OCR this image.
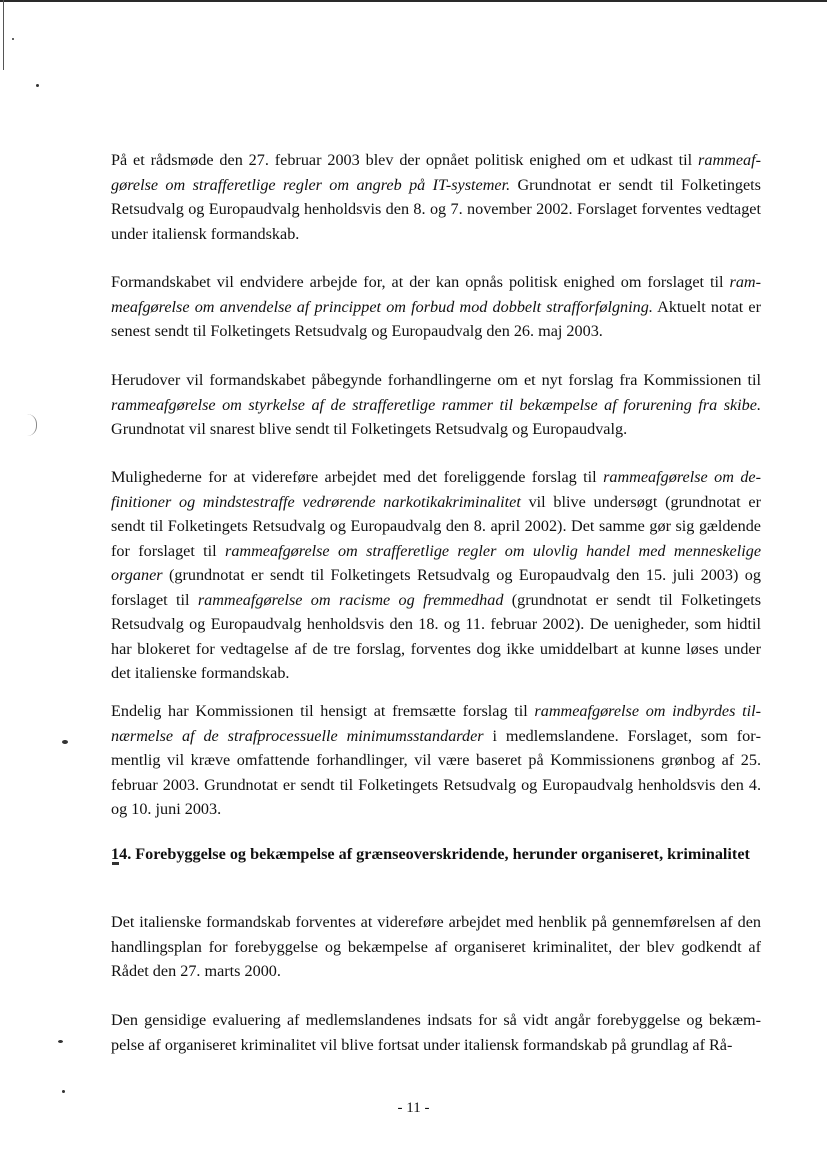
På et rådsmøde den 27. februar 2003 blev der opnået politisk enighed om et udkast til rammeafgørelse om strafferetlige regler om angreb på IT-systemer. Grundnotat er sendt til Folketingets Retsudvalg og Europaudvalg henholdsvis den 8. og 7. november 2002. Forslaget forventes vedtaget under italiensk formandskab.

Formandskabet vil endvidere arbejde for, at der kan opnås politisk enighed om forslaget til rammeafgørelse om anvendelse af princippet om forbud mod dobbelt strafforfølgning. Aktuelt notat er senest sendt til Folketingets Retsudvalg og Europaudvalg den 26. maj 2003.

Herudover vil formandskabet påbegynde forhandlingerne om et nyt forslag fra Kommissionen til rammeafgørelse om styrkelse af de strafferetlige rammer til bekæmpelse af forurening fra skibe. Grundnotat vil snarest blive sendt til Folketingets Retsudvalg og Europaudvalg.

Mulighederne for at videreføre arbejdet med det foreliggende forslag til rammeafgørelse om definitioner og mindstestraffe vedrørende narkotikakriminalitet vil blive undersøgt (grundnotat er sendt til Folketingets Retsudvalg og Europaudvalg den 8. april 2002). Det samme gør sig gældende for forslaget til rammeafgørelse om strafferetlige regler om ulovlig handel med menneskelige organer (grundnotat er sendt til Folketingets Retsudvalg og Europaudvalg den 15. juli 2003) og forslaget til rammeafgørelse om racisme og fremmedhad (grundnotat er sendt til Folketingets Retsudvalg og Europaudvalg henholdsvis den 18. og 11. februar 2002). De uenigheder, som hidtil har blokeret for vedtagelse af de tre forslag, forventes dog ikke umiddelbart at kunne løses under det italienske formandskab.

Endelig har Kommissionen til hensigt at fremsætte forslag til rammeafgørelse om indbyrdes tilnærmelse af de strafprocessuelle minimumsstandarder i medlemslandene. Forslaget, som formentlig vil kræve omfattende forhandlinger, vil være baseret på Kommissionens grønbog af 25. februar 2003. Grundnotat er sendt til Folketingets Retsudvalg og Europaudvalg henholdsvis den 4. og 10. juni 2003.

14. Forebyggelse og bekæmpelse af grænseoverskridende, herunder organiseret, kriminalitet

Det italienske formandskab forventes at videreføre arbejdet med henblik på gennemførelsen af den handlingsplan for forebyggelse og bekæmpelse af organiseret kriminalitet, der blev godkendt af Rådet den 27. marts 2000.

Den gensidige evaluering af medlemslandenes indsats for så vidt angår forebyggelse og bekæmpelse af organiseret kriminalitet vil blive fortsat under italiensk formandskab på grundlag af Rå-

- 11 -
